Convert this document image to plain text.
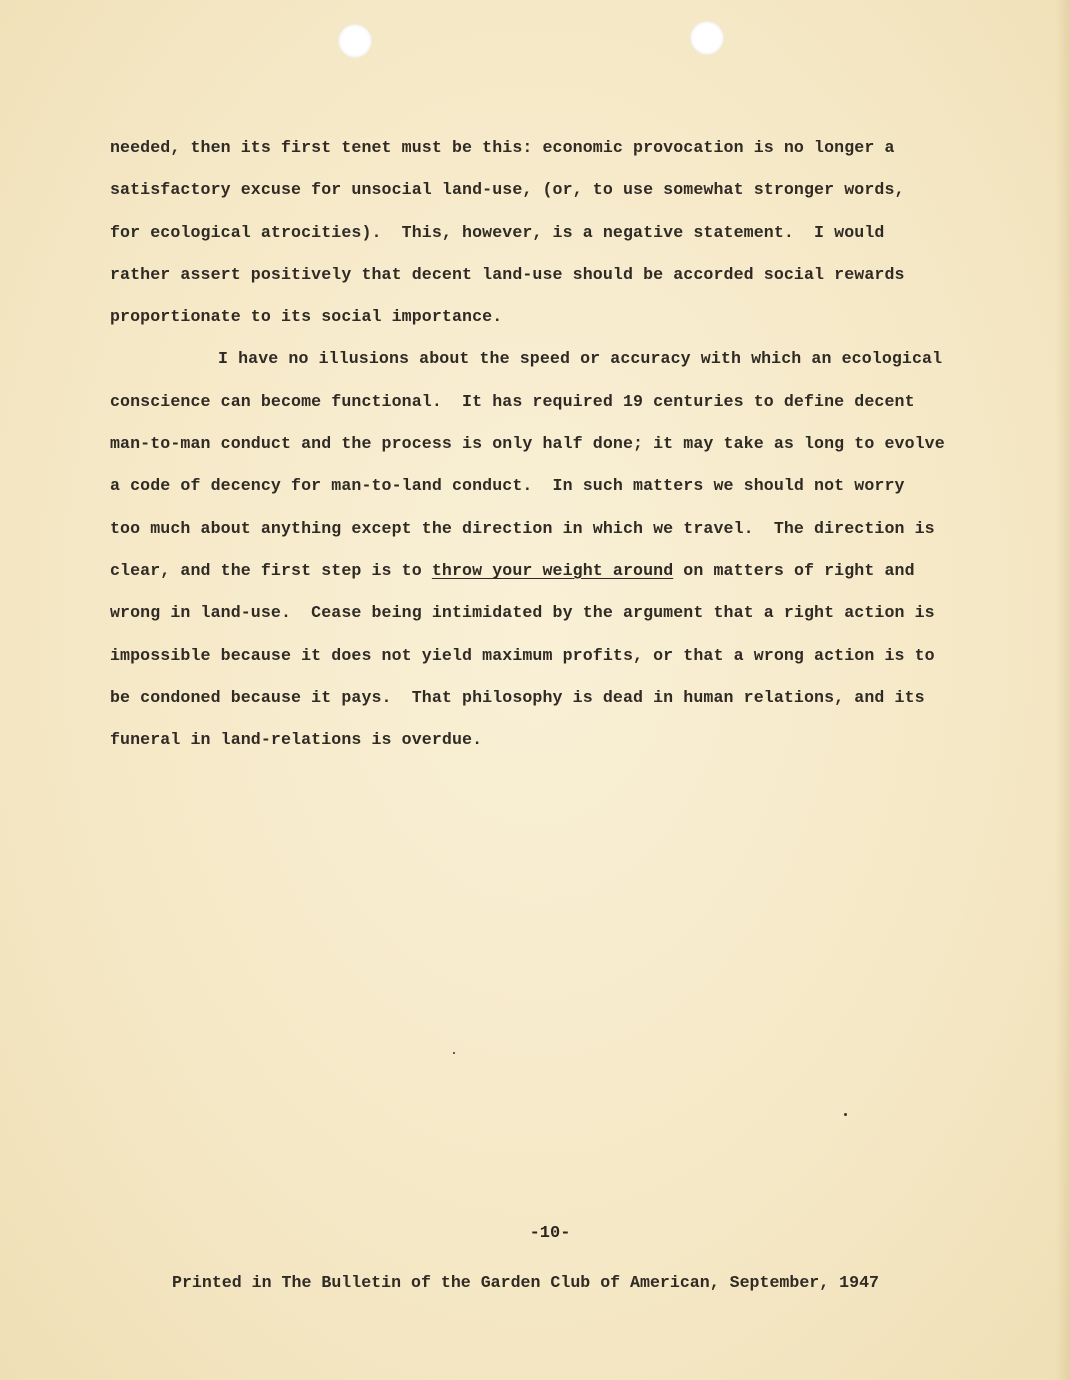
needed, then its first tenet must be this: economic provocation is no longer a
satisfactory excuse for unsocial land-use, (or, to use somewhat stronger words,
for ecological atrocities).  This, however, is a negative statement.  I would
rather assert positively that decent land-use should be accorded social rewards
proportionate to its social importance.
I have no illusions about the speed or accuracy with which an ecological
conscience can become functional.  It has required 19 centuries to define decent
man-to-man conduct and the process is only half done; it may take as long to evolve
a code of decency for man-to-land conduct.  In such matters we should not worry
too much about anything except the direction in which we travel.  The direction is
clear, and the first step is to throw your weight around on matters of right and
wrong in land-use.  Cease being intimidated by the argument that a right action is
impossible because it does not yield maximum profits, or that a wrong action is to
be condoned because it pays.  That philosophy is dead in human relations, and its
funeral in land-relations is overdue.
-10-
Printed in The Bulletin of the Garden Club of American, September, 1947
